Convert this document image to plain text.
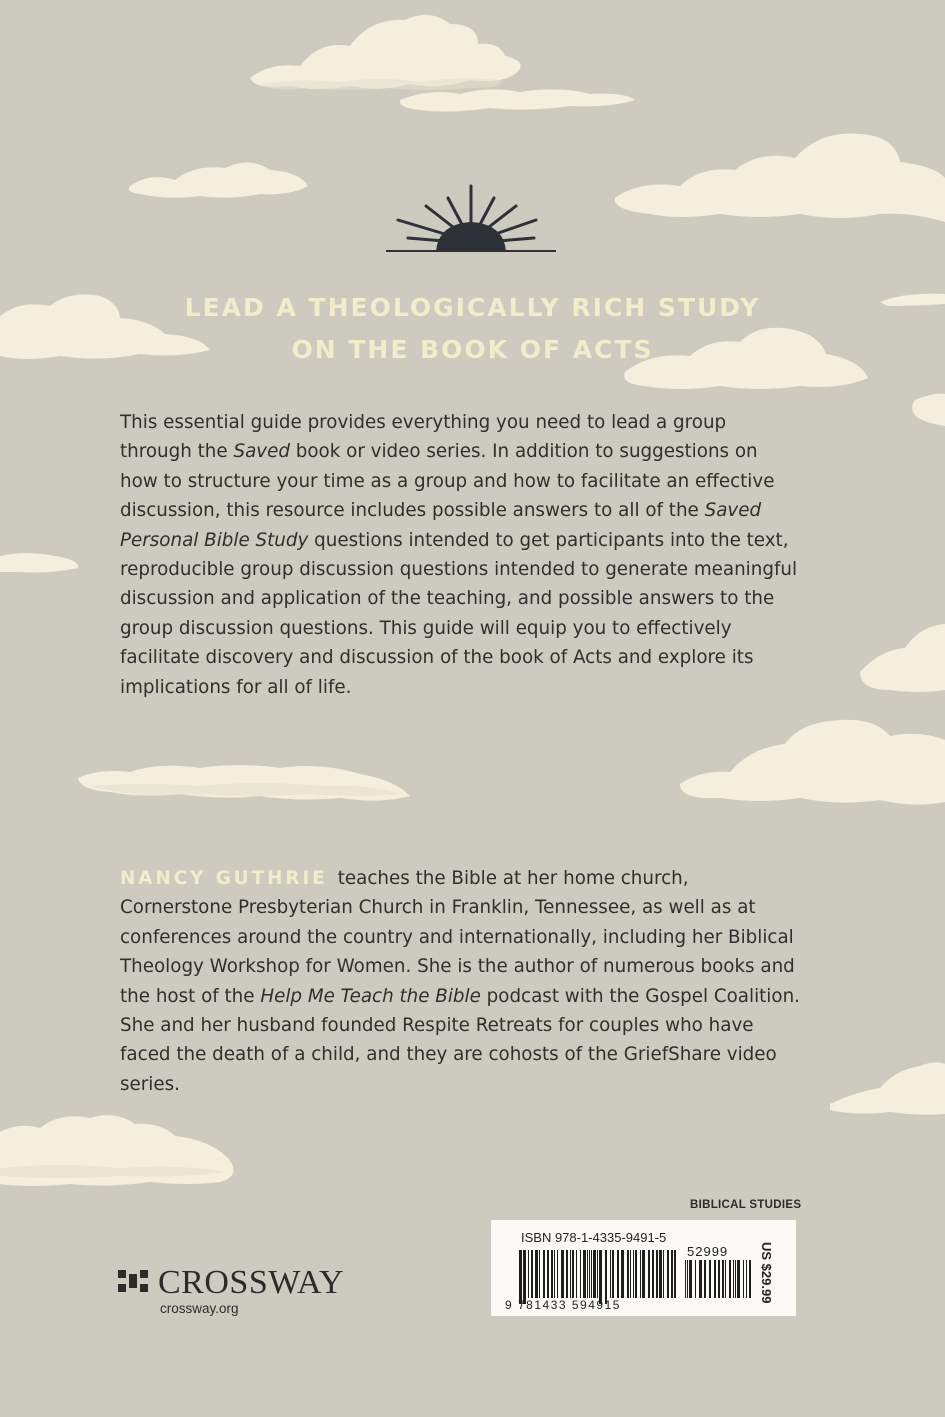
LEAD A THEOLOGICALLY RICH STUDY
ON THE BOOK OF ACTS
This essential guide provides everything you need to lead a group through the Saved book or video series. In addition to suggestions on how to structure your time as a group and how to facilitate an effective discussion, this resource includes possible answers to all of the Saved Personal Bible Study questions intended to get participants into the text, reproducible group discussion questions intended to generate meaningful discussion and application of the teaching, and possible answers to the group discussion questions. This guide will equip you to effectively facilitate discovery and discussion of the book of Acts and explore its implications for all of life.
NANCY GUTHRIE teaches the Bible at her home church, Cornerstone Presbyterian Church in Franklin, Tennessee, as well as at conferences around the country and internationally, including her Biblical Theology Workshop for Women. She is the author of numerous books and the host of the Help Me Teach the Bible podcast with the Gospel Coalition. She and her husband founded Respite Retreats for couples who have faced the death of a child, and they are cohosts of the GriefShare video series.
BIBLICAL STUDIES
ISBN 978-1-4335-9491-5
52999
9 781433 594915
US $29.99
CROSSWAY
crossway.org
